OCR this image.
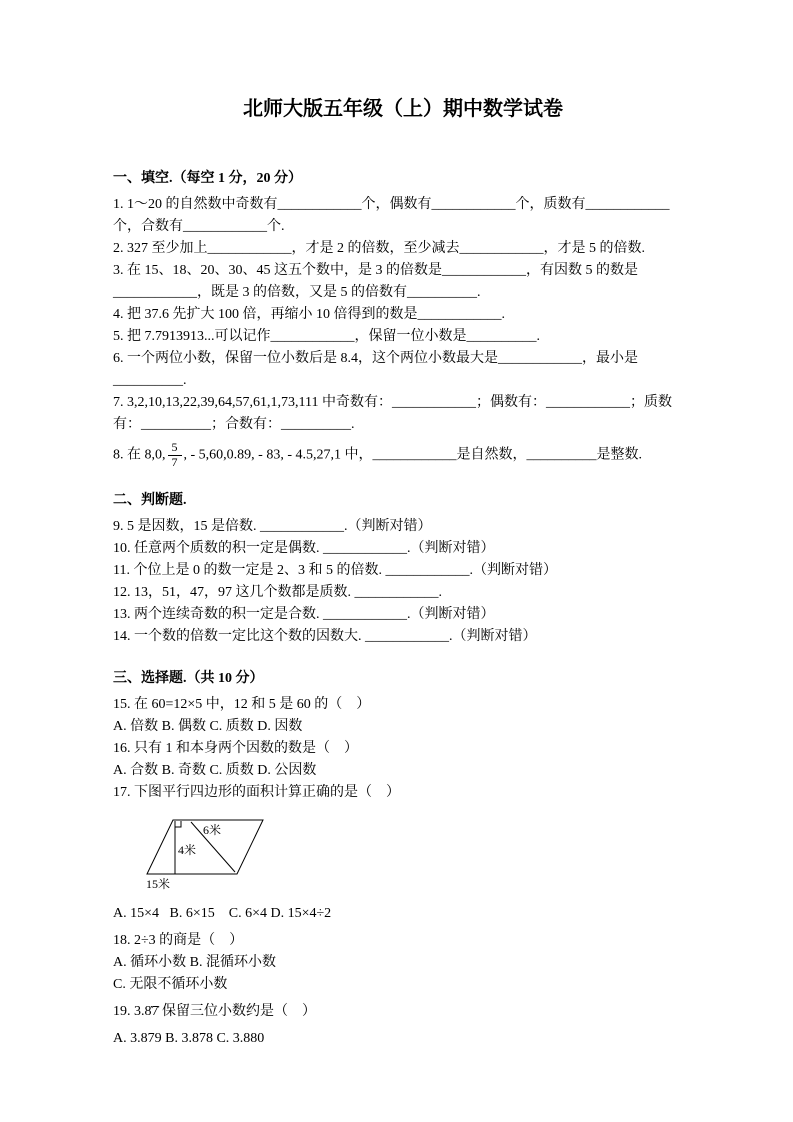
北师大版五年级（上）期中数学试卷

一、填空.（每空 1 分，20 分）

1. 1～20 的自然数中奇数有____________个，偶数有____________个，质数有____________个，合数有____________个.

2. 327 至少加上____________，才是 2 的倍数，至少减去____________，才是 5 的倍数.

3. 在 15、18、20、30、45 这五个数中，是 3 的倍数是____________，有因数 5 的数是____________，既是 3 的倍数，又是 5 的倍数有__________.

4. 把 37.6 先扩大 100 倍，再缩小 10 倍得到的数是____________.

5. 把 7.7913913...可以记作____________，保留一位小数是__________.

6. 一个两位小数，保留一位小数后是 8.4，这个两位小数最大是____________，最小是__________.

7. 3,2,10,13,22,39,64,57,61,1,73,111 中奇数有：____________；偶数有：____________；质数有：__________；合数有：__________.

8. 在 8,0, $\frac{5}{7}$ , - 5,60,0.89, - 83, - 4.5,27,1 中，____________是自然数，__________是整数.

二、判断题.

9. 5 是因数，15 是倍数. ____________.（判断对错）

10. 任意两个质数的积一定是偶数. ____________.（判断对错）

11. 个位上是 0 的数一定是 2、3 和 5 的倍数. ____________.（判断对错）

12. 13，51，47，97 这几个数都是质数. ____________.

13. 两个连续奇数的积一定是合数. ____________.（判断对错）

14. 一个数的倍数一定比这个数的因数大. ____________.（判断对错）

三、选择题.（共 10 分）

15. 在 60=12×5 中，12 和 5 是 60 的（　）

A. 倍数 B. 偶数 C. 质数 D. 因数

16. 只有 1 和本身两个因数的数是（　）

A. 合数 B. 奇数 C. 质数 D. 公因数

17. 下图平行四边形的面积计算正确的是（　）

6米
4米
15米

A. 15×4   B. 6×15    C. 6×4 D. 15×4÷2

18. 2÷3 的商是（　）

A. 循环小数 B. 混循环小数

C. 无限不循环小数

19. 3.8̇7̇ 保留三位小数约是（　）

A. 3.879 B. 3.878 C. 3.880
